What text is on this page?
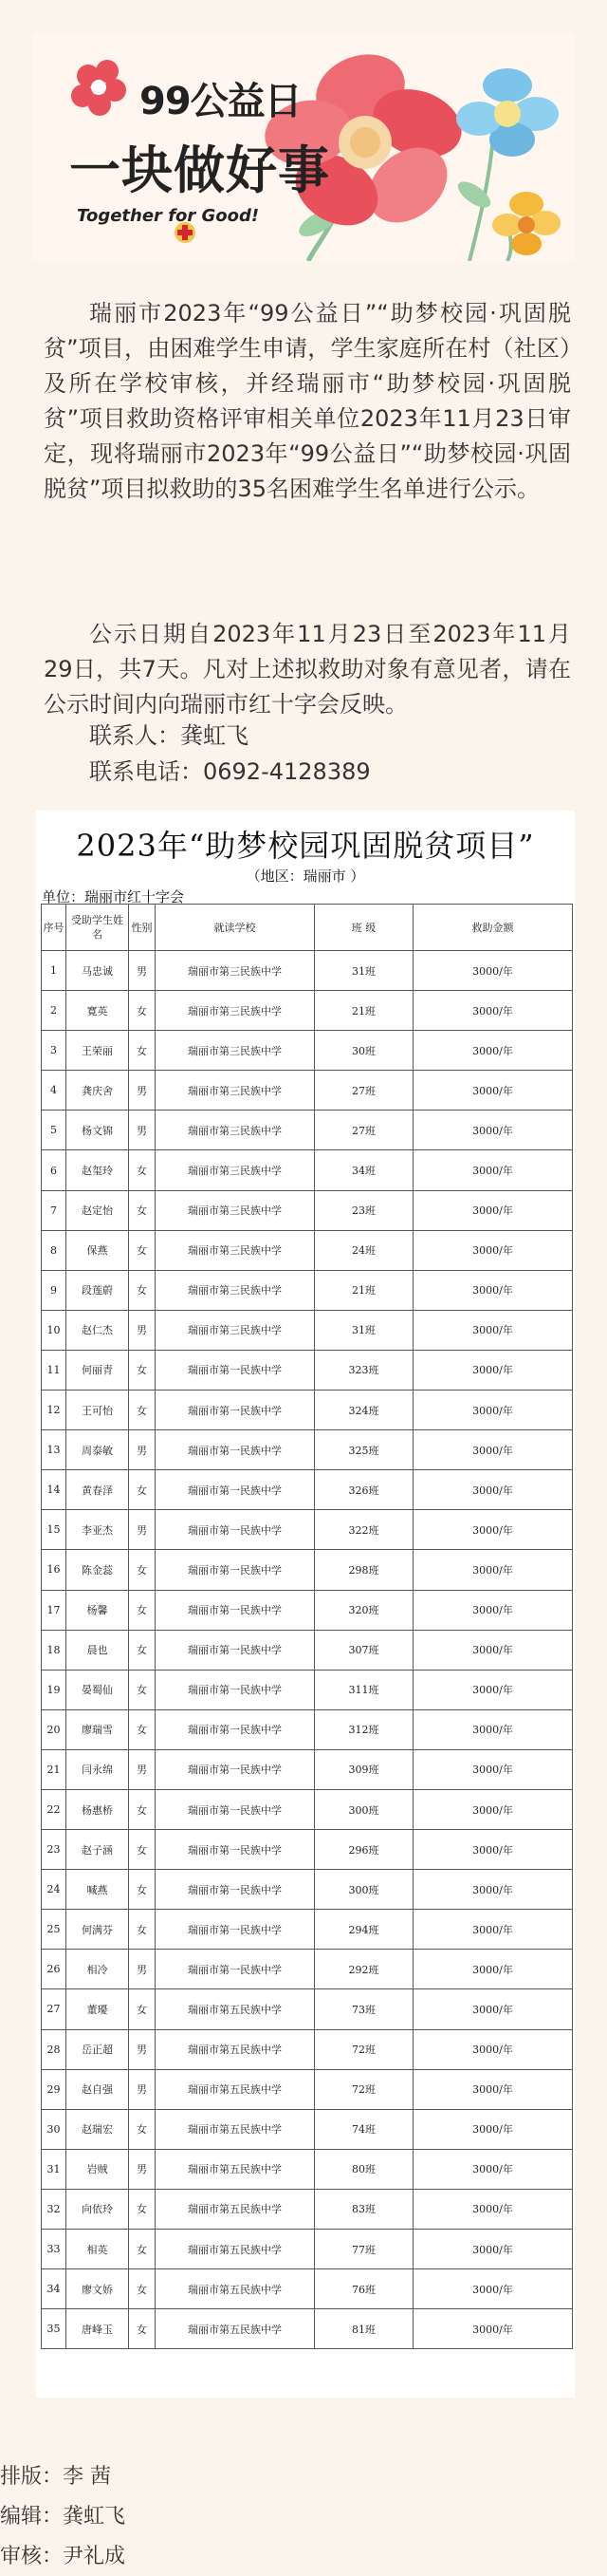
99公益日
一块做好事
Together for Good!

瑞丽市2023年“99公益日”“助梦校园·巩固脱贫”项目，由困难学生申请，学生家庭所在村（社区）及所在学校审核，并经瑞丽市“助梦校园·巩固脱贫”项目救助资格评审相关单位2023年11月23日审定，现将瑞丽市2023年“99公益日”“助梦校园·巩固脱贫”项目拟救助的35名困难学生名单进行公示。

公示日期自2023年11月23日至2023年11月29日，共7天。凡对上述拟救助对象有意见者，请在公示时间内向瑞丽市红十字会反映。

联系人：龚虹飞
联系电话：0692-4128389
2023年“助梦校园巩固脱贫项目”
（地区：瑞丽市 ）
单位：瑞丽市红十字会
序号	受助学生姓名	性别	就读学校	班 级	救助金额
1	马忠诚	男	瑞丽市第三民族中学	31班	3000/年
2	寛英	女	瑞丽市第三民族中学	21班	3000/年
3	王荣丽	女	瑞丽市第三民族中学	30班	3000/年
4	龚庆舍	男	瑞丽市第三民族中学	27班	3000/年
5	杨文锦	男	瑞丽市第三民族中学	27班	3000/年
6	赵玺玲	女	瑞丽市第三民族中学	34班	3000/年
7	赵定怡	女	瑞丽市第三民族中学	23班	3000/年
8	保燕	女	瑞丽市第三民族中学	24班	3000/年
9	段莲蔚	女	瑞丽市第三民族中学	21班	3000/年
10	赵仁杰	男	瑞丽市第三民族中学	31班	3000/年
11	何丽青	女	瑞丽市第一民族中学	323班	3000/年
12	王可怡	女	瑞丽市第一民族中学	324班	3000/年
13	周泰敏	男	瑞丽市第一民族中学	325班	3000/年
14	黄春泽	女	瑞丽市第一民族中学	326班	3000/年
15	李亚杰	男	瑞丽市第一民族中学	322班	3000/年
16	陈金蕊	女	瑞丽市第一民族中学	298班	3000/年
17	杨馨	女	瑞丽市第一民族中学	320班	3000/年
18	晨也	女	瑞丽市第一民族中学	307班	3000/年
19	晏蜀仙	女	瑞丽市第一民族中学	311班	3000/年
20	廖瑞雪	女	瑞丽市第一民族中学	312班	3000/年
21	闫永绵	男	瑞丽市第一民族中学	309班	3000/年
22	杨惠桥	女	瑞丽市第一民族中学	300班	3000/年
23	赵子涵	女	瑞丽市第一民族中学	296班	3000/年
24	喊燕	女	瑞丽市第一民族中学	300班	3000/年
25	何满芬	女	瑞丽市第一民族中学	294班	3000/年
26	相冷	男	瑞丽市第一民族中学	292班	3000/年
27	董瓇	女	瑞丽市第五民族中学	73班	3000/年
28	岳正超	男	瑞丽市第五民族中学	72班	3000/年
29	赵自强	男	瑞丽市第五民族中学	72班	3000/年
30	赵瑞宏	女	瑞丽市第五民族中学	74班	3000/年
31	岩贼	男	瑞丽市第五民族中学	80班	3000/年
32	向依玲	女	瑞丽市第五民族中学	83班	3000/年
33	相英	女	瑞丽市第五民族中学	77班	3000/年
34	廖文娇	女	瑞丽市第五民族中学	76班	3000/年
35	唐峰玉	女	瑞丽市第五民族中学	81班	3000/年
排版：李 茜
编辑：龚虹飞
审核：尹礼成
